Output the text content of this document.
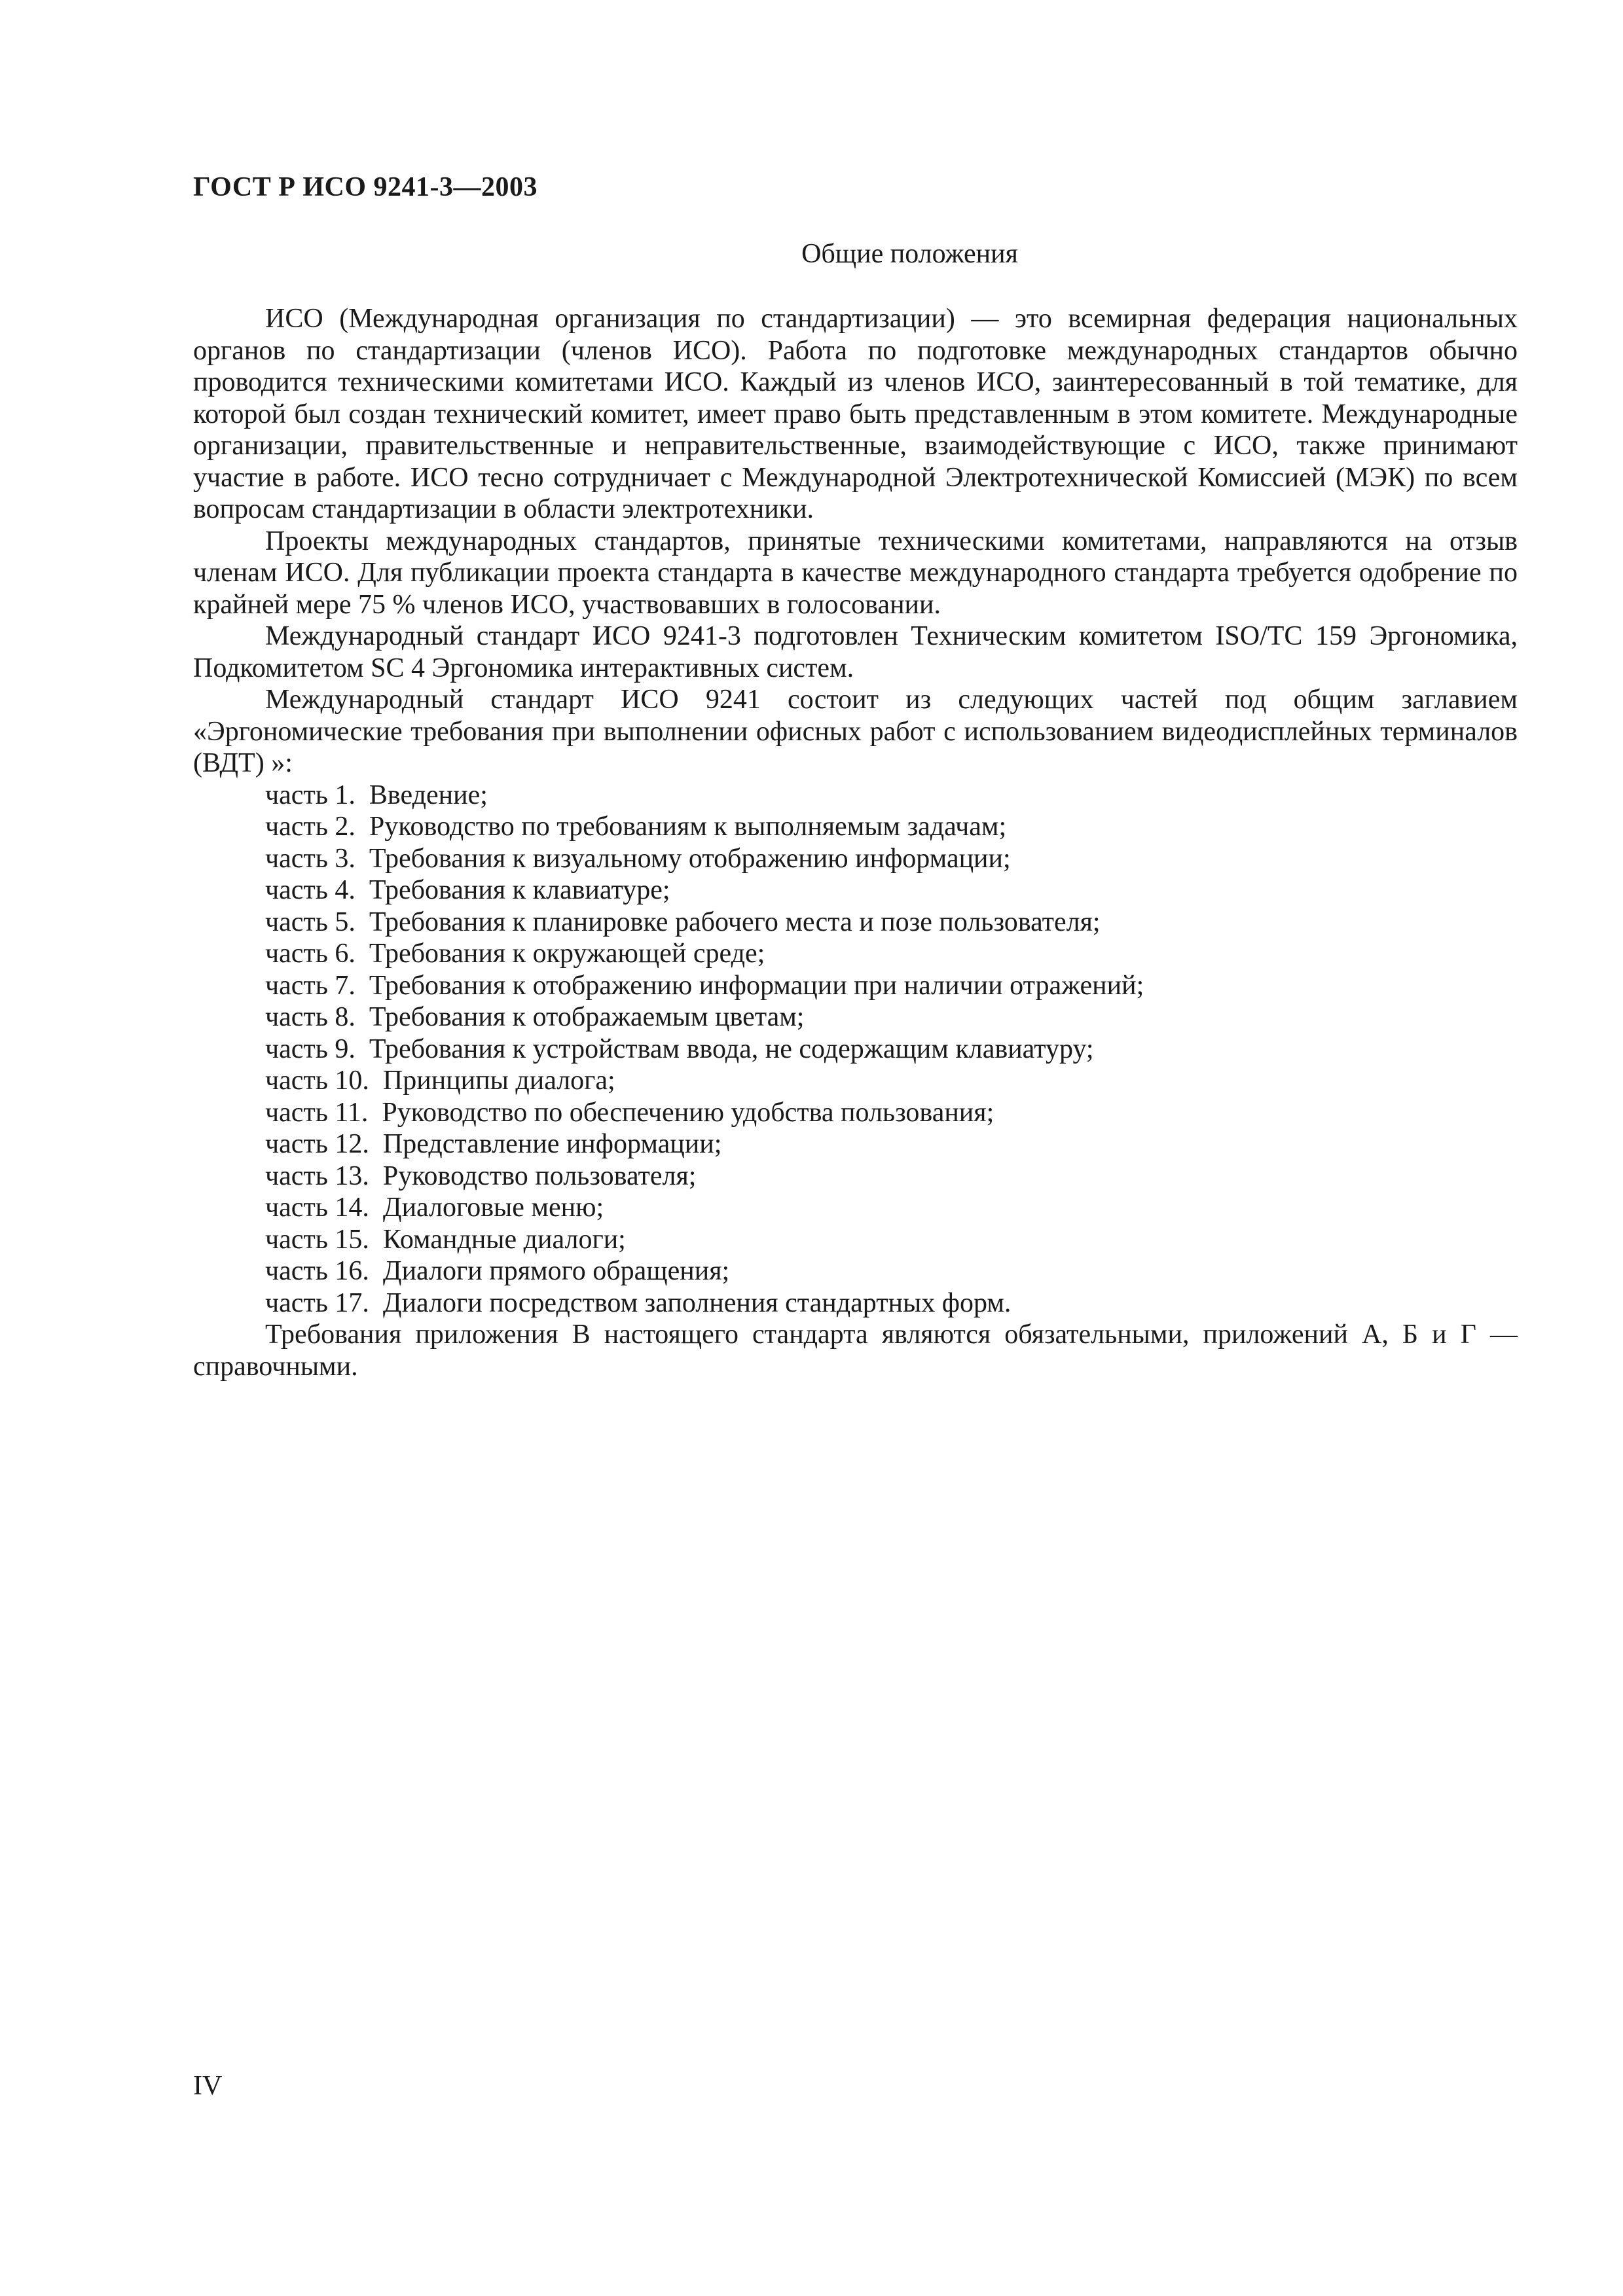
ГОСТ Р ИСО 9241-3—2003
Общие положения

ИСО (Международная организация по стандартизации) — это всемирная федерация национальных органов по стандартизации (членов ИСО). Работа по подготовке международных стандартов обычно проводится техническими комитетами ИСО. Каждый из членов ИСО, заинтересованный в той тематике, для которой был создан технический комитет, имеет право быть представленным в этом комитете. Международные организации, правительственные и неправительственные, взаимодействующие с ИСО, также принимают участие в работе. ИСО тесно сотрудничает с Международной Электротехнической Комиссией (МЭК) по всем вопросам стандартизации в области электротехники.

Проекты международных стандартов, принятые техническими комитетами, направляются на отзыв членам ИСО. Для публикации проекта стандарта в качестве международного стандарта требуется одобрение по крайней мере 75 % членов ИСО, участвовавших в голосовании.

Международный стандарт ИСО 9241-3 подготовлен Техническим комитетом ISO/TC 159 Эргономика, Подкомитетом SC 4 Эргономика интерактивных систем.

Международный стандарт ИСО 9241 состоит из следующих частей под общим заглавием «Эргономические требования при выполнении офисных работ с использованием видеодисплейных терминалов (ВДТ) »:

часть 1. Введение;
часть 2. Руководство по требованиям к выполняемым задачам;
часть 3. Требования к визуальному отображению информации;
часть 4. Требования к клавиатуре;
часть 5. Требования к планировке рабочего места и позе пользователя;
часть 6. Требования к окружающей среде;
часть 7. Требования к отображению информации при наличии отражений;
часть 8. Требования к отображаемым цветам;
часть 9. Требования к устройствам ввода, не содержащим клавиатуру;
часть 10. Принципы диалога;
часть 11. Руководство по обеспечению удобства пользования;
часть 12. Представление информации;
часть 13. Руководство пользователя;
часть 14. Диалоговые меню;
часть 15. Командные диалоги;
часть 16. Диалоги прямого обращения;
часть 17. Диалоги посредством заполнения стандартных форм.

Требования приложения В настоящего стандарта являются обязательными, приложений А, Б и Г — справочными.

IV
